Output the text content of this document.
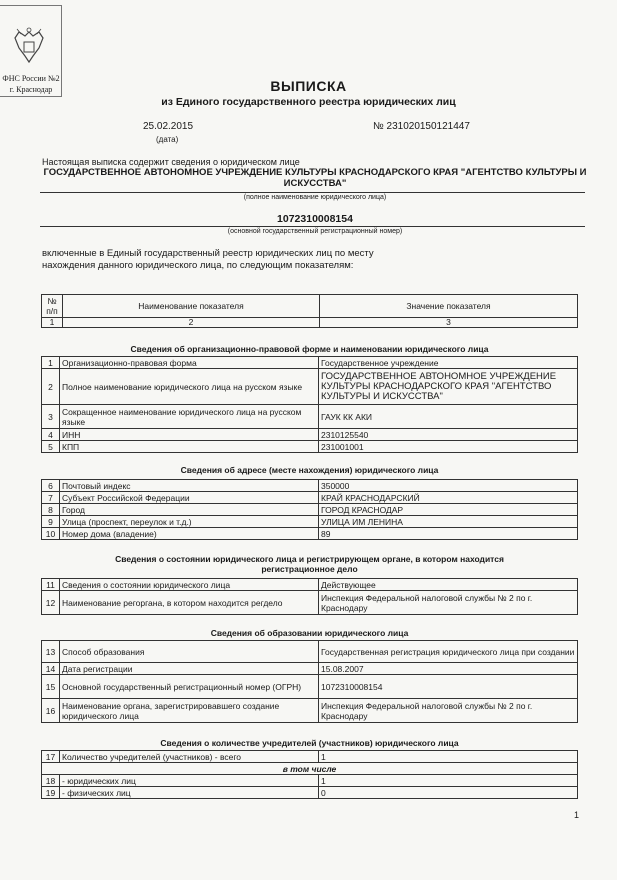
ФНС России №2
г. Краснодар	ВЫПИСКА
из Единого государственного реестра юридических лиц
25.02.2015
(дата)
№ 231020150121447
Настоящая выписка содержит сведения о юридическом лице
ГОСУДАРСТВЕННОЕ АВТОНОМНОЕ УЧРЕЖДЕНИЕ КУЛЬТУРЫ КРАСНОДАРСКОГО КРАЯ "АГЕНТСТВО КУЛЬТУРЫ И ИСКУССТВА"
(полное наименование юридического лица)
1072310008154
(основной государственный регистрационный номер)
включенные в Единый государственный реестр юридических лиц по месту
нахождения данного юридического лица, по следующим показателям:
№ п/п	Наименование показателя	Значение показателя
1	2	3
Сведения об организационно-правовой форме и наименовании юридического лица
1	Организационно-правовая форма	Государственное учреждение
2	Полное наименование юридического лица на русском языке	ГОСУДАРСТВЕННОЕ АВТОНОМНОЕ УЧРЕЖДЕНИЕ КУЛЬТУРЫ КРАСНОДАРСКОГО КРАЯ "АГЕНТСТВО КУЛЬТУРЫ И ИСКУССТВА"
3	Сокращенное наименование юридического лица на русском языке	ГАУК КК АКИ
4	ИНН	2310125540
5	КПП	231001001
Сведения об адресе (месте нахождения) юридического лица
6	Почтовый индекс	350000
7	Субъект Российской Федерации	КРАЙ КРАСНОДАРСКИЙ
8	Город	ГОРОД КРАСНОДАР
9	Улица (проспект, переулок и т.д.)	УЛИЦА ИМ ЛЕНИНА
10	Номер дома (владение)	89
Сведения о состоянии юридического лица и регистрирующем органе, в котором находится регистрационное дело
11	Сведения о состоянии юридического лица	Действующее
12	Наименование регоргана, в котором находится регдело	Инспекция Федеральной налоговой службы № 2 по г. Краснодару
Сведения об образовании юридического лица
13	Способ образования	Государственная регистрация юридического лица при создании
14	Дата регистрации	15.08.2007
15	Основной государственный регистрационный номер (ОГРН)	1072310008154
16	Наименование органа, зарегистрировавшего создание юридического лица	Инспекция Федеральной налоговой службы № 2 по г. Краснодару
Сведения о количестве учредителей (участников) юридического лица
17	Количество учредителей (участников) - всего	1
в том числе		
18	- юридических лиц	1
19	- физических лиц	0
1
